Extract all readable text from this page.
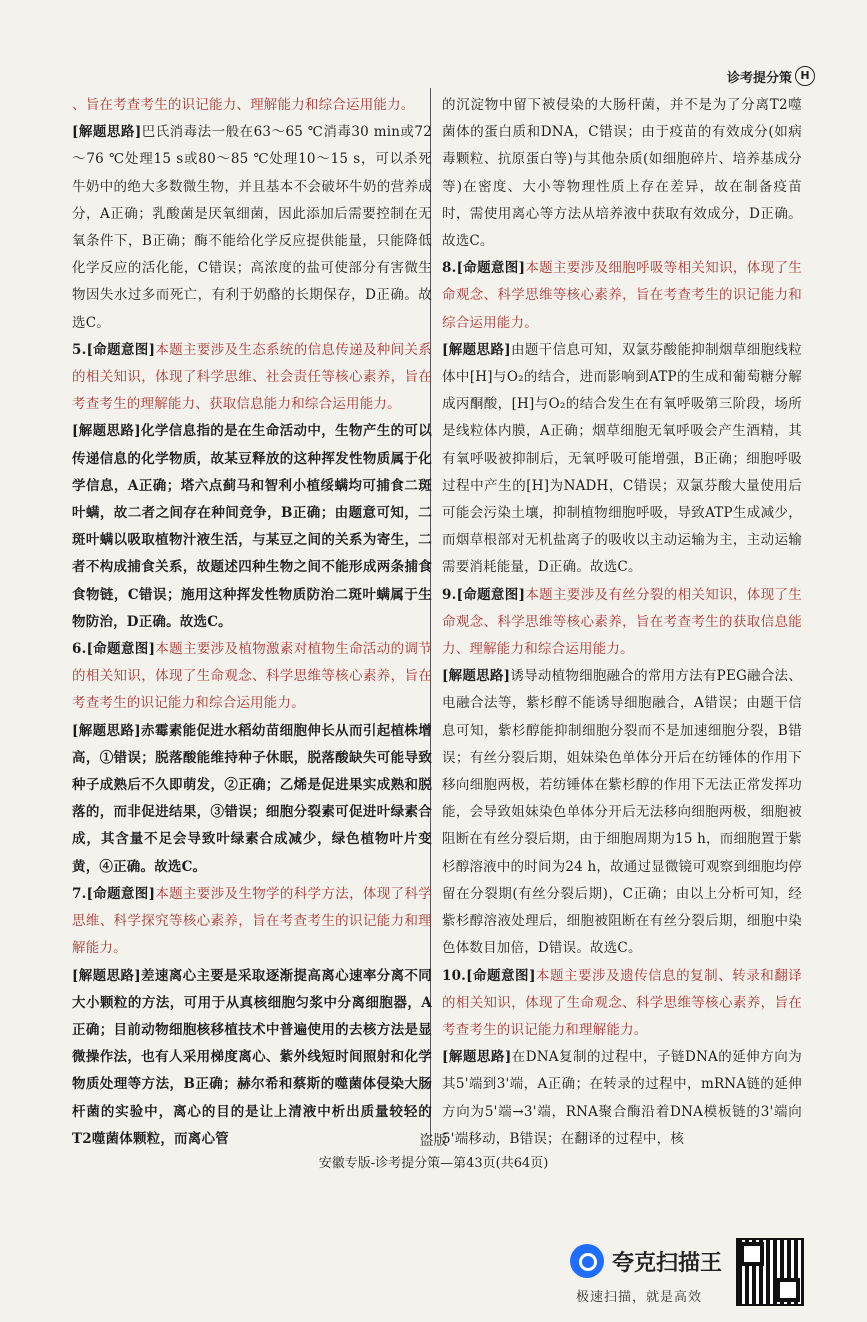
诊考提分策 H

、旨在考查考生的识记能力、理解能力和综合运用能力。

[解题思路]巴氏消毒法一般在63～65 ℃消毒30 min或72～76 ℃处理15 s或80～85 ℃处理10～15 s，可以杀死牛奶中的绝大多数微生物，并且基本不会破坏牛奶的营养成分，A正确；乳酸菌是厌氧细菌，因此添加后需要控制在无氧条件下，B正确；酶不能给化学反应提供能量，只能降低化学反应的活化能，C错误；高浓度的盐可使部分有害微生物因失水过多而死亡，有利于奶酪的长期保存，D正确。故选C。

5.[命题意图]本题主要涉及生态系统的信息传递及种间关系的相关知识，体现了科学思维、社会责任等核心素养，旨在考查考生的理解能力、获取信息能力和综合运用能力。

[解题思路]化学信息指的是在生命活动中，生物产生的可以传递信息的化学物质，故某豆释放的这种挥发性物质属于化学信息，A正确；塔六点蓟马和智利小植绥螨均可捕食二斑叶螨，故二者之间存在种间竞争，B正确；由题意可知，二斑叶螨以吸取植物汁液生活，与某豆之间的关系为寄生，二者不构成捕食关系，故题述四种生物之间不能形成两条捕食食物链，C错误；施用这种挥发性物质防治二斑叶螨属于生物防治，D正确。故选C。

6.[命题意图]本题主要涉及植物激素对植物生命活动的调节的相关知识，体现了生命观念、科学思维等核心素养，旨在考查考生的识记能力和综合运用能力。

[解题思路]赤霉素能促进水稻幼苗细胞伸长从而引起植株增高，①错误；脱落酸能维持种子休眠，脱落酸缺失可能导致种子成熟后不久即萌发，②正确；乙烯是促进果实成熟和脱落的，而非促进结果，③错误；细胞分裂素可促进叶绿素合成，其含量不足会导致叶绿素合成减少，绿色植物叶片变黄，④正确。故选C。

7.[命题意图]本题主要涉及生物学的科学方法，体现了科学思维、科学探究等核心素养，旨在考查考生的识记能力和理解能力。

[解题思路]差速离心主要是采取逐渐提高离心速率分离不同大小颗粒的方法，可用于从真核细胞匀浆中分离细胞器，A正确；目前动物细胞核移植技术中普遍使用的去核方法是显微操作法，也有人采用梯度离心、紫外线短时间照射和化学物质处理等方法，B正确；赫尔希和蔡斯的噬菌体侵染大肠杆菌的实验中，离心的目的是让上清液中析出质量较轻的T2噬菌体颗粒，而离心管

的沉淀物中留下被侵染的大肠杆菌，并不是为了分离T2噬菌体的蛋白质和DNA，C错误；由于疫苗的有效成分(如病毒颗粒、抗原蛋白等)与其他杂质(如细胞碎片、培养基成分等)在密度、大小等物理性质上存在差异，故在制备疫苗时，需使用离心等方法从培养液中获取有效成分，D正确。故选C。

8.[命题意图]本题主要涉及细胞呼吸等相关知识，体现了生命观念、科学思维等核心素养，旨在考查考生的识记能力和综合运用能力。

[解题思路]由题干信息可知，双氯芬酸能抑制烟草细胞线粒体中[H]与O₂的结合，进而影响到ATP的生成和葡萄糖分解成丙酮酸，[H]与O₂的结合发生在有氧呼吸第三阶段，场所是线粒体内膜，A正确；烟草细胞无氧呼吸会产生酒精，其有氧呼吸被抑制后，无氧呼吸可能增强，B正确；细胞呼吸过程中产生的[H]为NADH，C错误；双氯芬酸大量使用后可能会污染土壤，抑制植物细胞呼吸，导致ATP生成减少，而烟草根部对无机盐离子的吸收以主动运输为主，主动运输需要消耗能量，D正确。故选C。

9.[命题意图]本题主要涉及有丝分裂的相关知识，体现了生命观念、科学思维等核心素养，旨在考查考生的获取信息能力、理解能力和综合运用能力。

[解题思路]诱导动植物细胞融合的常用方法有PEG融合法、电融合法等，紫杉醇不能诱导细胞融合，A错误；由题干信息可知，紫杉醇能抑制细胞分裂而不是加速细胞分裂，B错误；有丝分裂后期，姐妹染色单体分开后在纺锤体的作用下移向细胞两极，若纺锤体在紫杉醇的作用下无法正常发挥功能，会导致姐妹染色单体分开后无法移向细胞两极，细胞被阻断在有丝分裂后期，由于细胞周期为15 h，而细胞置于紫杉醇溶液中的时间为24 h，故通过显微镜可观察到细胞均停留在分裂期(有丝分裂后期)，C正确；由以上分析可知，经紫杉醇溶液处理后，细胞被阻断在有丝分裂后期，细胞中染色体数目加倍，D错误。故选C。

10.[命题意图]本题主要涉及遗传信息的复制、转录和翻译的相关知识，体现了生命观念、科学思维等核心素养，旨在考查考生的识记能力和理解能力。

[解题思路]在DNA复制的过程中，子链DNA的延伸方向为其5'端到3'端，A正确；在转录的过程中，mRNA链的延伸方向为5'端→3'端，RNA聚合酶沿着DNA模板链的3'端向5'端移动，B错误；在翻译的过程中，核

盗版
安徽专版-诊考提分策—第43页(共64页)
夸克扫描王
极速扫描，就是高效
